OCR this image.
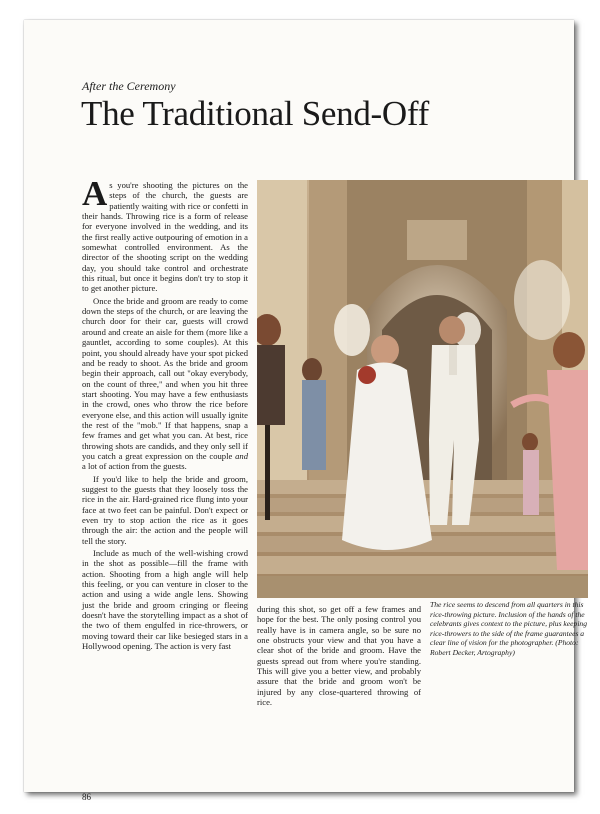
After the Ceremony
The Traditional Send-Off

As you're shooting the pictures on the steps of the church, the guests are patiently waiting with rice or confetti in their hands. Throwing rice is a form of release for everyone involved in the wedding, and its the first really active outpouring of emotion in a somewhat controlled environment. As the director of the shooting script on the wedding day, you should take control and orchestrate this ritual, but once it begins don't try to stop it to get another picture.

Once the bride and groom are ready to come down the steps of the church, or are leaving the church door for their car, guests will crowd around and create an aisle for them (more like a gauntlet, according to some couples). At this point, you should already have your spot picked and be ready to shoot. As the bride and groom begin their approach, call out "okay everybody, on the count of three," and when you hit three start shooting. You may have a few enthusiasts in the crowd, ones who throw the rice before everyone else, and this action will usually ignite the rest of the "mob." If that happens, snap a few frames and get what you can. At best, rice throwing shots are candids, and they only sell if you catch a great expression on the couple and a lot of action from the guests.

If you'd like to help the bride and groom, suggest to the guests that they loosely toss the rice in the air. Hard-grained rice flung into your face at two feet can be painful. Don't expect or even try to stop action the rice as it goes through the air: the action and the people will tell the story.

Include as much of the well-wishing crowd in the shot as possible—fill the frame with action. Shooting from a high angle will help this feeling, or you can venture in closer to the action and using a wide angle lens. Showing just the bride and groom cringing or fleeing doesn't have the storytelling impact as a shot of the two of them engulfed in rice-throwers, or moving toward their car like besieged stars in a Hollywood opening. The action is very fast

during this shot, so get off a few frames and hope for the best. The only posing control you really have is in camera angle, so be sure no one obstructs your view and that you have a clear shot of the bride and groom. Have the guests spread out from where you're standing. This will give you a better view, and probably assure that the bride and groom won't be injured by any close-quartered throwing of rice.

The rice seems to descend from all quarters in this rice-throwing picture. Inclusion of the hands of the celebrants gives context to the picture, plus keeping rice-throwers to the side of the frame guarantees a clear line of vision for the photographer. (Photo: Robert Decker, Artography)
86
